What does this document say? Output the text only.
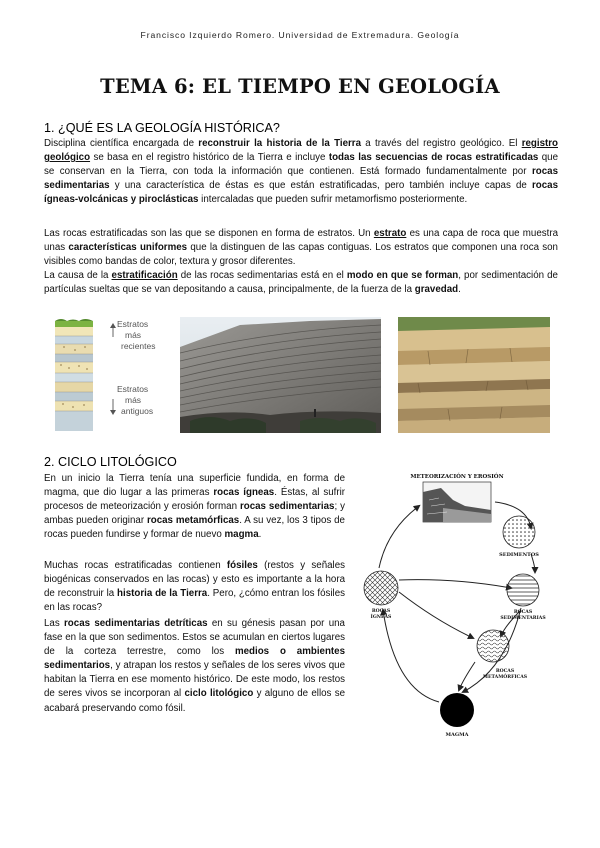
Francisco Izquierdo Romero. Universidad de Extremadura. Geología
TEMA 6: EL TIEMPO EN GEOLOGÍA
1. ¿QUÉ ES LA GEOLOGÍA HISTÓRICA?

Disciplina científica encargada de reconstruir la historia de la Tierra a través del registro geológico. El registro geológico se basa en el registro histórico de la Tierra e incluye todas las secuencias de rocas estratificadas que se conservan en la Tierra, con toda la información que contienen. Está formado fundamentalmente por rocas sedimentarias y una característica de éstas es que están estratificadas, pero también incluye capas de rocas ígneas-volcánicas y piroclásticas intercaladas que pueden sufrir metamorfismo posteriormente.

Las rocas estratificadas son las que se disponen en forma de estratos. Un estrato es una capa de roca que muestra unas características uniformes que la distinguen de las capas contiguas. Los estratos que componen una roca son visibles como bandas de color, textura y grosor diferentes.

La causa de la estratificación de las rocas sedimentarias está en el modo en que se forman, por sedimentación de partículas sueltas que se van depositando a causa, principalmente, de la fuerza de la gravedad.

Estratos
más
recientes
Estratos
más
antiguos
2. CICLO LITOLÓGICO

En un inicio la Tierra tenía una superficie fundida, en forma de magma, que dio lugar a las primeras rocas ígneas. Éstas, al sufrir procesos de meteorización y erosión forman rocas sedimentarias; y ambas pueden originar rocas metamórficas. A su vez, los 3 tipos de rocas pueden fundirse y formar de nuevo magma.

Muchas rocas estratificadas contienen fósiles (restos y señales biogénicas conservados en las rocas) y esto es importante a la hora de reconstruir la historia de la Tierra. Pero, ¿cómo entran los fósiles en las rocas?

Las rocas sedimentarias detríticas en su génesis pasan por una fase en la que son sedimentos. Estos se acumulan en ciertos lugares de la corteza terrestre, como los medios o ambientes sedimentarios, y atrapan los restos y señales de los seres vivos que habitan la Tierra en ese momento histórico. De este modo, los restos de seres vivos se incorporan al ciclo litológico y alguno de ellos se acabará preservando como fósil.

METEORIZACIÓN Y EROSIÓN
SEDIMENTOS
ROCAS
SEDIMENTARIAS
ROCAS
METAMÓRFICAS
ROCAS
ÍGNEAS
MAGMA
